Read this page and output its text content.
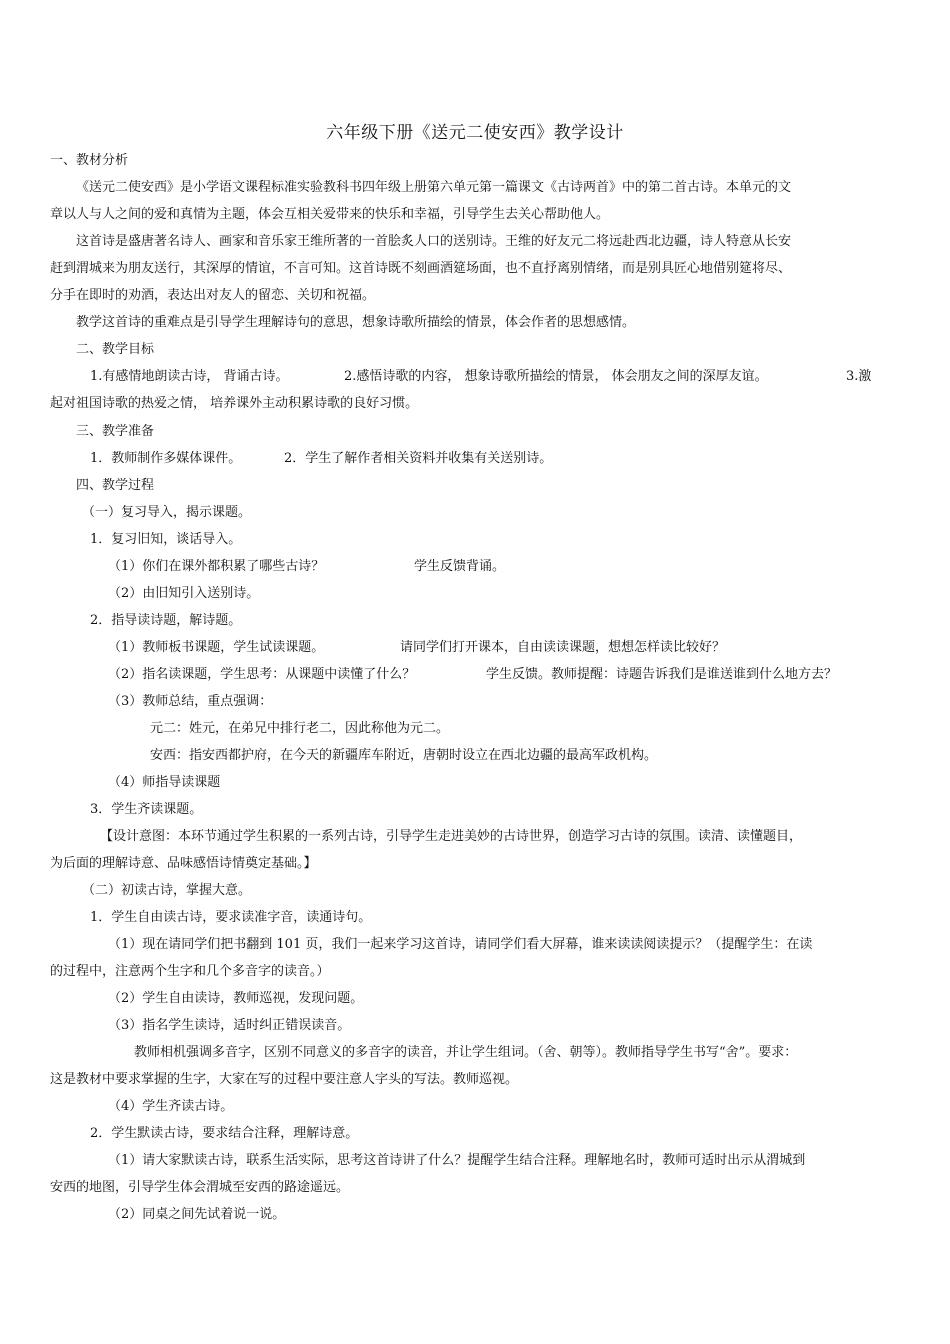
六年级下册《送元二使安西》教学设计
一、教材分析
《送元二使安西》是小学语文课程标准实验教科书四年级上册第六单元第一篇课文《古诗两首》中的第二首古诗。本单元的文
章以人与人之间的爱和真情为主题，体会互相关爱带来的快乐和幸福，引导学生去关心帮助他人。
这首诗是盛唐著名诗人、画家和音乐家王维所著的一首脍炙人口的送别诗。王维的好友元二将远赴西北边疆，诗人特意从长安
赶到渭城来为朋友送行，其深厚的情谊，不言可知。这首诗既不刻画酒筵场面，也不直抒离别情绪，而是别具匠心地借别筵将尽、
分手在即时的劝酒，表达出对友人的留恋、关切和祝福。
教学这首诗的重难点是引导学生理解诗句的意思，想象诗歌所描绘的情景，体会作者的思想感情。
二、教学目标
1.有感情地朗读古诗， 背诵古诗。	2.感悟诗歌的内容， 想象诗歌所描绘的情景， 体会朋友之间的深厚友谊。	3.激
起对祖国诗歌的热爱之情， 培养课外主动积累诗歌的良好习惯。
三、教学准备
1．教师制作多媒体课件。	2．学生了解作者相关资料并收集有关送别诗。
四、教学过程
（一）复习导入，揭示课题。
1．复习旧知，谈话导入。
（1）你们在课外都积累了哪些古诗？	学生反馈背诵。
（2）由旧知引入送别诗。
2．指导读诗题，解诗题。
（1）教师板书课题，学生试读课题。	请同学们打开课本，自由读读课题，想想怎样读比较好？
（2）指名读课题，学生思考：从课题中读懂了什么？	学生反馈。教师提醒：诗题告诉我们是谁送谁到什么地方去？
（3）教师总结，重点强调：
元二：姓元，在弟兄中排行老二，因此称他为元二。
安西：指安西都护府，在今天的新疆库车附近，唐朝时设立在西北边疆的最高军政机构。
（4）师指导读课题
3．学生齐读课题。
【设计意图：本环节通过学生积累的一系列古诗，引导学生走进美妙的古诗世界，创造学习古诗的氛围。读清、读懂题目，
为后面的理解诗意、品味感悟诗情奠定基础。】
（二）初读古诗，掌握大意。
1．学生自由读古诗，要求读准字音，读通诗句。
（1）现在请同学们把书翻到 101 页，我们一起来学习这首诗，请同学们看大屏幕，谁来读读阅读提示？（提醒学生：在读
的过程中，注意两个生字和几个多音字的读音。）
（2）学生自由读诗，教师巡视，发现问题。
（3）指名学生读诗，适时纠正错误读音。
教师相机强调多音字，区别不同意义的多音字的读音，并让学生组词。（舍、朝等）。教师指导学生书写“舍”。要求：
这是教材中要求掌握的生字，大家在写的过程中要注意人字头的写法。教师巡视。
（4）学生齐读古诗。
2．学生默读古诗，要求结合注释，理解诗意。
（1）请大家默读古诗，联系生活实际，思考这首诗讲了什么？提醒学生结合注释。理解地名时，教师可适时出示从渭城到
安西的地图，引导学生体会渭城至安西的路途遥远。
（2）同桌之间先试着说一说。
